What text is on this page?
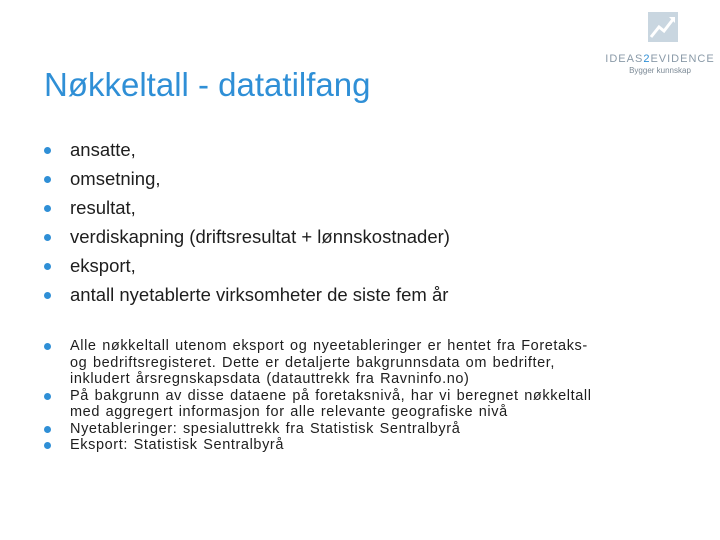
IDEAS2EVIDENCE
Bygger kunnskap
Nøkkeltall - datatilfang
ansatte,
omsetning,
resultat,
verdiskapning (driftsresultat + lønnskostnader)
eksport,
antall nyetablerte virksomheter de siste fem år
Alle nøkkeltall utenom eksport og nyeetableringer er hentet fra Foretaks-
og bedriftsregisteret. Dette er detaljerte bakgrunnsdata om bedrifter,
inkludert årsregnskapsdata (datauttrekk fra Ravninfo.no)
På bakgrunn av disse dataene på foretaksnivå, har vi beregnet nøkkeltall
med aggregert informasjon for alle relevante geografiske nivå
Nyetableringer: spesialuttrekk fra Statistisk Sentralbyrå
Eksport: Statistisk Sentralbyrå
